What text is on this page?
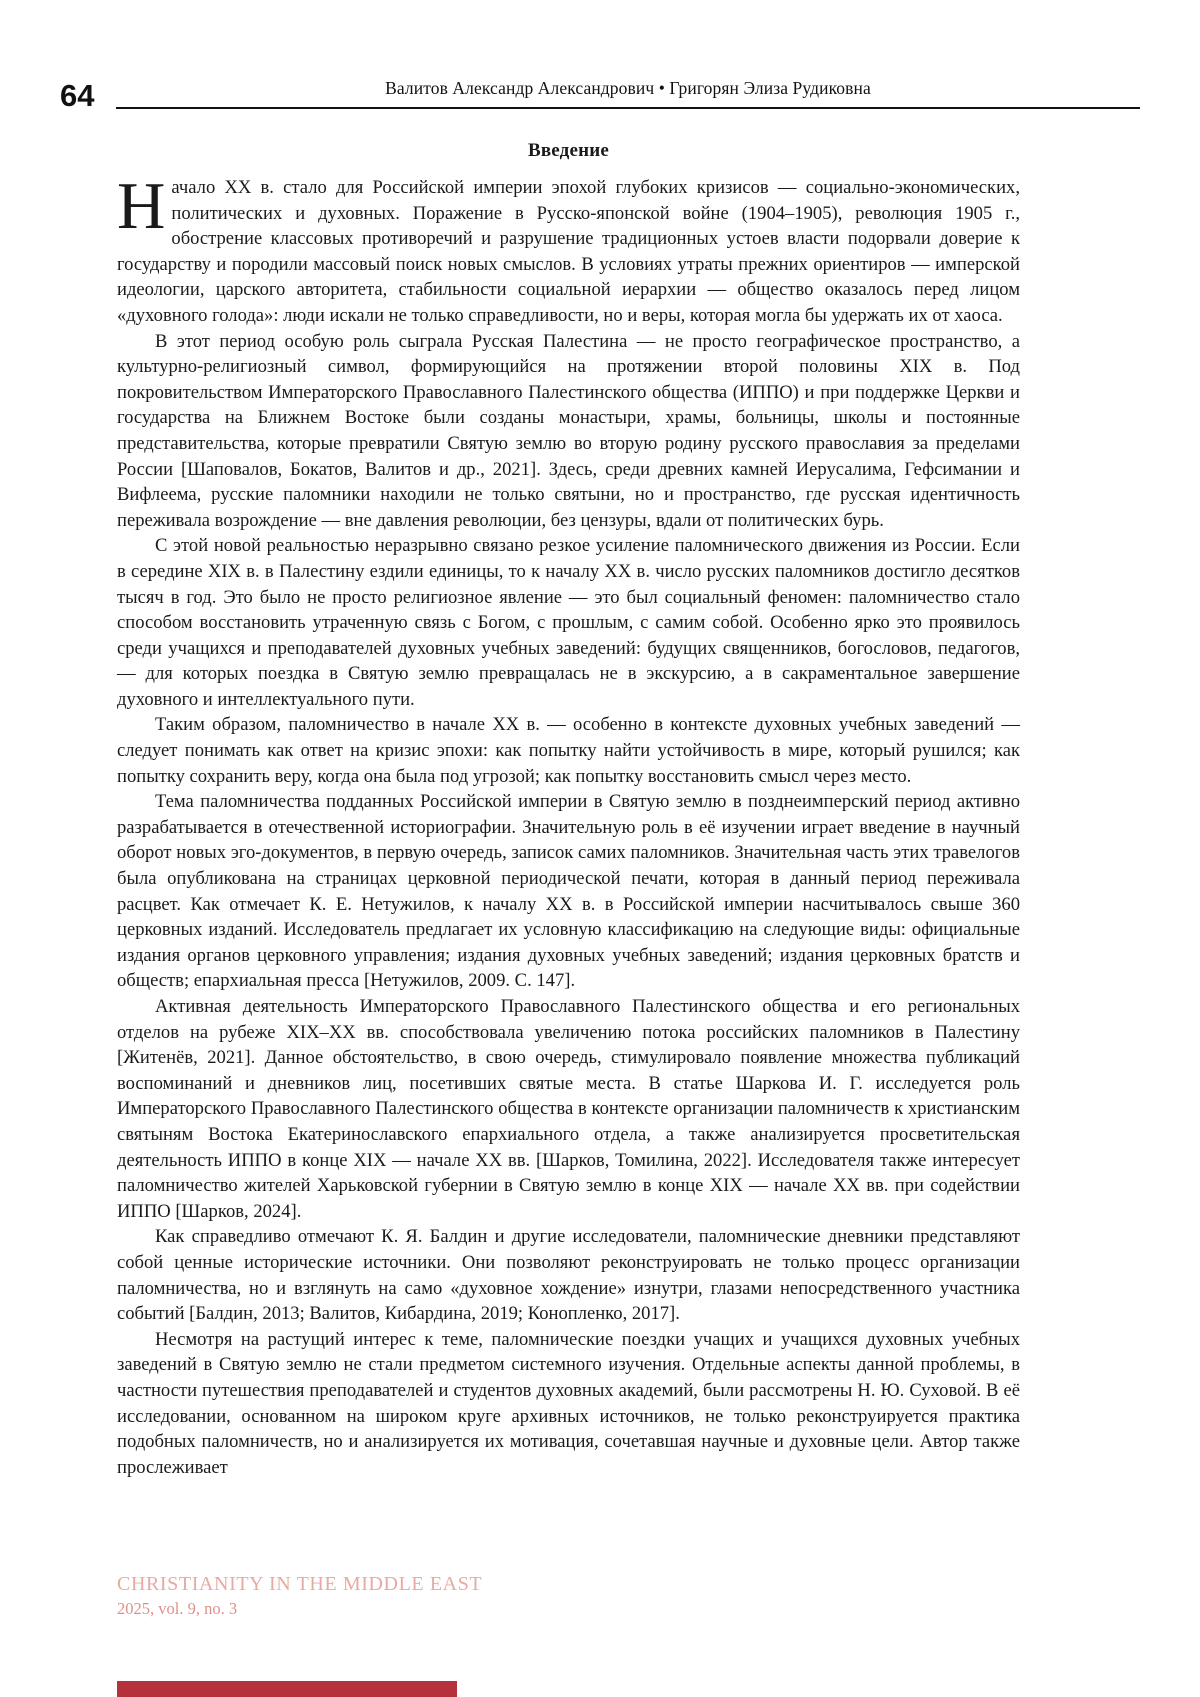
64	Валитов Александр Александрович • Григорян Элиза Рудиковна
Введение

Начало XX в. стало для Российской империи эпохой глубоких кризисов — социально-экономических, политических и духовных. Поражение в Русско-японской войне (1904–1905), революция 1905 г., обострение классовых противоречий и разрушение традиционных устоев власти подорвали доверие к государству и породили массовый поиск новых смыслов. В условиях утраты прежних ориентиров — имперской идеологии, царского авторитета, стабильности социальной иерархии — общество оказалось перед лицом «духовного голода»: люди искали не только справедливости, но и веры, которая могла бы удержать их от хаоса.

В этот период особую роль сыграла Русская Палестина — не просто географическое пространство, а культурно-религиозный символ, формирующийся на протяжении второй половины XIX в. Под покровительством Императорского Православного Палестинского общества (ИППО) и при поддержке Церкви и государства на Ближнем Востоке были созданы монастыри, храмы, больницы, школы и постоянные представительства, которые превратили Святую землю во вторую родину русского православия за пределами России [Шаповалов, Бокатов, Валитов и др., 2021]. Здесь, среди древних камней Иерусалима, Гефсимании и Вифлеема, русские паломники находили не только святыни, но и пространство, где русская идентичность переживала возрождение — вне давления революции, без цензуры, вдали от политических бурь.

С этой новой реальностью неразрывно связано резкое усиление паломнического движения из России. Если в середине XIX в. в Палестину ездили единицы, то к началу XX в. число русских паломников достигло десятков тысяч в год. Это было не просто религиозное явление — это был социальный феномен: паломничество стало способом восстановить утраченную связь с Богом, с прошлым, с самим собой. Особенно ярко это проявилось среди учащихся и преподавателей духовных учебных заведений: будущих священников, богословов, педагогов, — для которых поездка в Святую землю превращалась не в экскурсию, а в сакраментальное завершение духовного и интеллектуального пути.

Таким образом, паломничество в начале XX в. — особенно в контексте духовных учебных заведений — следует понимать как ответ на кризис эпохи: как попытку найти устойчивость в мире, который рушился; как попытку сохранить веру, когда она была под угрозой; как попытку восстановить смысл через место.

Тема паломничества подданных Российской империи в Святую землю в позднеимперский период активно разрабатывается в отечественной историографии. Значительную роль в её изучении играет введение в научный оборот новых эго-документов, в первую очередь, записок самих паломников. Значительная часть этих травелогов была опубликована на страницах церковной периодической печати, которая в данный период переживала расцвет. Как отмечает К. Е. Нетужилов, к началу XX в. в Российской империи насчитывалось свыше 360 церковных изданий. Исследователь предлагает их условную классификацию на следующие виды: официальные издания органов церковного управления; издания духовных учебных заведений; издания церковных братств и обществ; епархиальная пресса [Нетужилов, 2009. С. 147].

Активная деятельность Императорского Православного Палестинского общества и его региональных отделов на рубеже XIX–XX вв. способствовала увеличению потока российских паломников в Палестину [Житенёв, 2021]. Данное обстоятельство, в свою очередь, стимулировало появление множества публикаций воспоминаний и дневников лиц, посетивших святые места. В статье Шаркова И. Г. исследуется роль Императорского Православного Палестинского общества в контексте организации паломничеств к христианским святыням Востока Екатеринославского епархиального отдела, а также анализируется просветительская деятельность ИППО в конце XIX — начале XX вв. [Шарков, Томилина, 2022]. Исследователя также интересует паломничество жителей Харьковской губернии в Святую землю в конце XIX — начале XX вв. при содействии ИППО [Шарков, 2024].

Как справедливо отмечают К. Я. Балдин и другие исследователи, паломнические дневники представляют собой ценные исторические источники. Они позволяют реконструировать не только процесс организации паломничества, но и взглянуть на само «духовное хождение» изнутри, глазами непосредственного участника событий [Балдин, 2013; Валитов, Кибардина, 2019; Конопленко, 2017].

Несмотря на растущий интерес к теме, паломнические поездки учащих и учащихся духовных учебных заведений в Святую землю не стали предметом системного изучения. Отдельные аспекты данной проблемы, в частности путешествия преподавателей и студентов духовных академий, были рассмотрены Н. Ю. Суховой. В её исследовании, основанном на широком круге архивных источников, не только реконструируется практика подобных паломничеств, но и анализируется их мотивация, сочетавшая научные и духовные цели. Автор также прослеживает

CHRISTIANITY IN THE MIDDLE EAST
2025, vol. 9, no. 3
